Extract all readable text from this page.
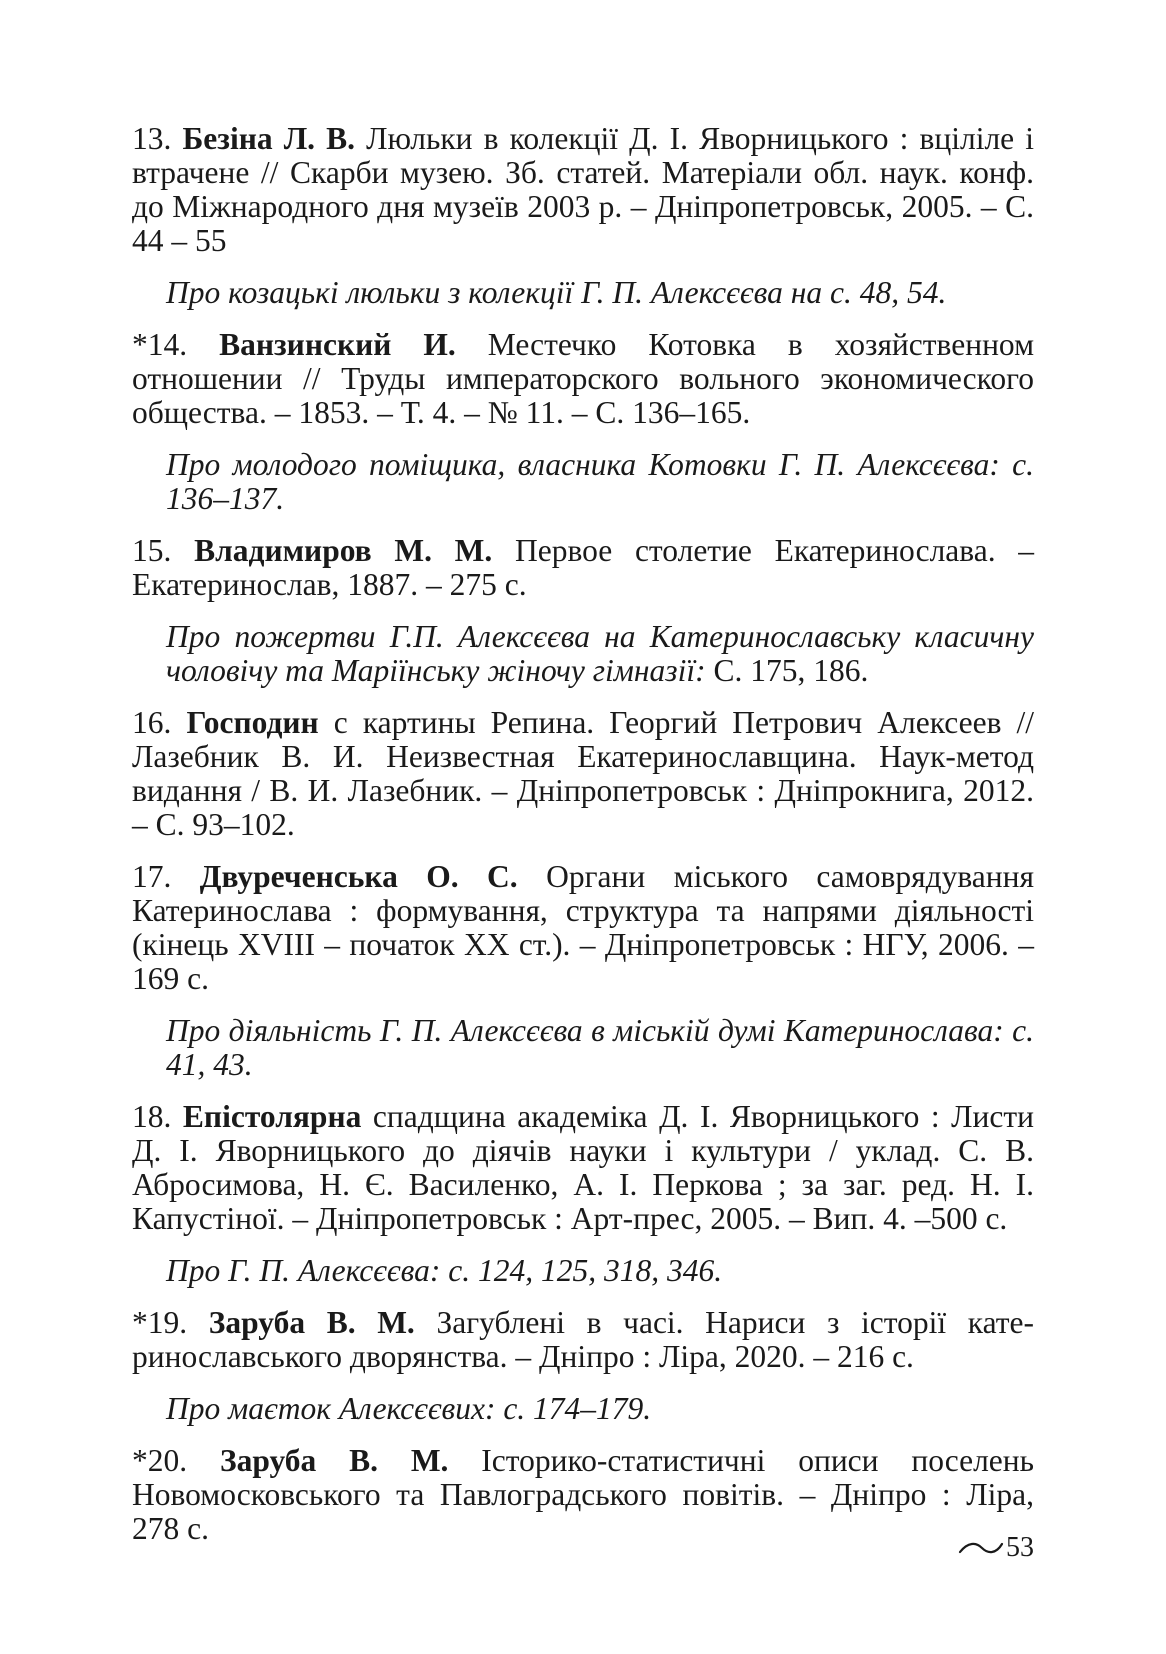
13. Безіна Л. В. Люльки в колекції Д. І. Яворницького : вціліле і втрачене // Скарби музею. Зб. статей. Матеріали обл. наук. конф. до Міжнародного дня музеїв 2003 р. – Дніпропетровськ, 2005. – С. 44 – 55

Про козацькі люльки з колекції Г. П. Алексєєва на с. 48, 54.

*14. Ванзинский И. Местечко Котовка в хозяйственном отношении // Труды императорского вольного экономического общества. – 1853. – Т. 4. – № 11. – С. 136–165.

Про молодого поміщика, власника Котовки Г. П. Алексєєва: с. 136–137.

15. Владимиров М. М. Первое столетие Екатеринослава. – Екатеринослав, 1887. – 275 с.

Про пожертви Г.П. Алексєєва на Катеринославську класичну чоловічу та Маріїнську жіночу гімназії: С. 175, 186.

16. Господин с картины Репина. Георгий Петрович Алексеев // Лазебник В. И. Неизвестная Екатеринославщина. Наук-метод видання / В. И. Лазебник. – Дніпропетровськ : Дніпрокнига, 2012. – С. 93–102.

17. Двуреченська О. С. Органи міського самоврядування Катеринослава : формування, структура та напрями діяльності (кінець XVIII – початок XX ст.). – Дніпропетровськ : НГУ, 2006. – 169 с.

Про діяльність Г. П. Алексєєва в міській думі Катеринослава: с. 41, 43.

18. Епістолярна спадщина академіка Д. І. Яворницького : Листи Д. І. Яворницького до діячів науки і культури / уклад. С. В. Абросимова, Н. Є. Василенко, А. І. Перкова ; за заг. ред. Н. І. Капустіної. – Дніпропетровськ : Арт-прес, 2005. – Вип. 4. –500 с.

Про Г. П. Алексєєва: с. 124, 125, 318, 346.

*19. Заруба В. М. Загублені в часі. Нариси з історії катеринославського дворянства. – Дніпро : Ліра, 2020. – 216 с.

Про маєток Алексєєвих: с. 174–179.

*20. Заруба В. М. Історико-статистичні описи поселень Новомосковського та Павлоградського повітів. – Дніпро : Ліра, 278 с.

53
